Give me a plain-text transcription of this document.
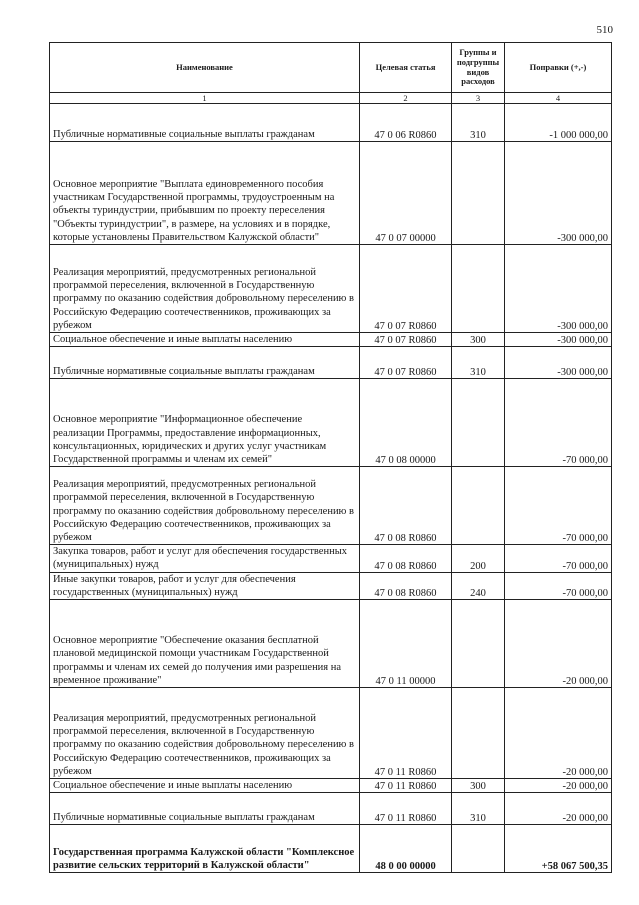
510
Наименование	Целевая статья	Группы и подгруппы видов расходов	Поправки (+,-)
1	2	3	4
Публичные нормативные социальные выплаты гражданам	47 0 06 R0860	310	-1 000 000,00
Основное мероприятие "Выплата единовременного пособия участникам Государственной программы, трудоустроенным на объекты туриндустрии, прибывшим по проекту переселения "Объекты туриндустрии", в размере, на условиях и в порядке, которые установлены Правительством Калужской области"	47 0 07 00000		-300 000,00
Реализация мероприятий, предусмотренных региональной программой переселения, включенной в Государственную программу по оказанию содействия добровольному переселению в Российскую Федерацию соотечественников, проживающих за рубежом	47 0 07 R0860		-300 000,00
Социальное обеспечение и иные выплаты населению	47 0 07 R0860	300	-300 000,00
Публичные нормативные социальные выплаты гражданам	47 0 07 R0860	310	-300 000,00
Основное мероприятие "Информационное обеспечение реализации Программы, предоставление информационных, консультационных, юридических и других услуг участникам Государственной программы и членам их семей"	47 0 08 00000		-70 000,00
Реализация мероприятий, предусмотренных региональной программой переселения, включенной в Государственную программу по оказанию содействия добровольному переселению в Российскую Федерацию соотечественников, проживающих за рубежом	47 0 08 R0860		-70 000,00
Закупка товаров, работ и услуг для обеспечения государственных (муниципальных) нужд	47 0 08 R0860	200	-70 000,00
Иные закупки товаров, работ и услуг для обеспечения государственных (муниципальных) нужд	47 0 08 R0860	240	-70 000,00
Основное мероприятие "Обеспечение оказания бесплатной плановой медицинской помощи участникам Государственной программы и членам их семей до получения ими разрешения на временное проживание"	47 0 11 00000		-20 000,00
Реализация мероприятий, предусмотренных региональной программой переселения, включенной в Государственную программу по оказанию содействия добровольному переселению в Российскую Федерацию соотечественников, проживающих за рубежом	47 0 11 R0860		-20 000,00
Социальное обеспечение и иные выплаты населению	47 0 11 R0860	300	-20 000,00
Публичные нормативные социальные выплаты гражданам	47 0 11 R0860	310	-20 000,00
Государственная программа Калужской области "Комплексное развитие сельских территорий в Калужской области"	48 0 00 00000		+58 067 500,35
